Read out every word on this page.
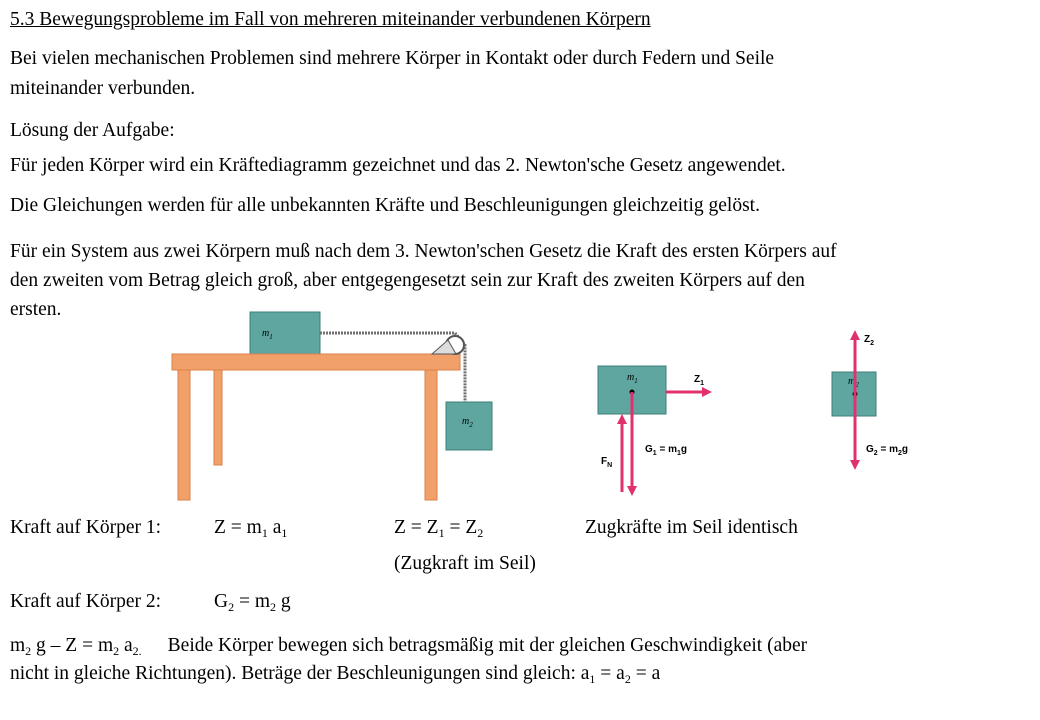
5.3 Bewegungsprobleme im Fall von mehreren miteinander verbundenen Körpern
Bei vielen mechanischen Problemen sind mehrere Körper in Kontakt oder durch Federn und Seile
miteinander verbunden.
Lösung der Aufgabe:
Für jeden Körper wird ein Kräftediagramm gezeichnet und das 2. Newton'sche Gesetz angewendet.
Die Gleichungen werden für alle unbekannten Kräfte und Beschleunigungen gleichzeitig gelöst.
Für ein System aus zwei Körpern muß nach dem 3. Newton'schen Gesetz die Kraft des ersten Körpers auf
den zweiten vom Betrag gleich groß, aber entgegengesetzt sein zur Kraft des zweiten Körpers auf den
ersten.
$m_1$
$m_2$
$m_1$	$Z_1$
$F_N$
$G_1 = m_1g$
$m_2$
$Z_2$
$G_2 = m_2g$
Kraft auf Körper 1:	$Z = m_1$ $a_1$	$Z = Z_1 = Z_2$	Zugkräfte im Seil identisch
(Zugkraft im Seil)
Kraft auf Körper 2:	$G_2 = m_2$ g
$m_2$ $g - Z = m_2$ $a_{2.}$ Beide Körper bewegen sich betragsmäßig mit der gleichen Geschwindigkeit (aber
nicht in gleiche Richtungen). Beträge der Beschleunigungen sind gleich: $a_1 = a_2 = a$
